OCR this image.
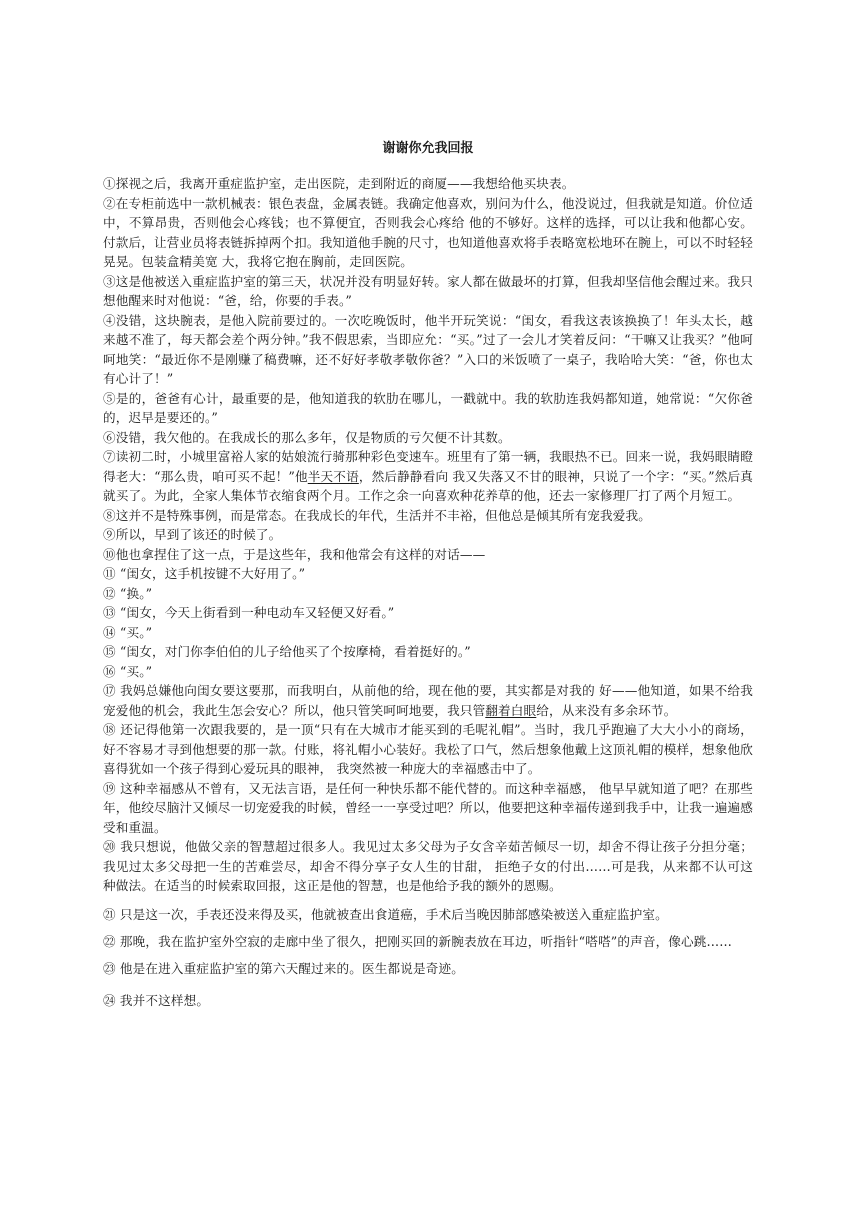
谢谢你允我回报

①探视之后，我离开重症监护室，走出医院，走到附近的商厦——我想给他买块表。

②在专柜前选中一款机械表：银色表盘，金属表链。我确定他喜欢，别问为什么，他没说过，但我就是知道。价位适中，不算昂贵，否则他会心疼钱；也不算便宜，否则我会心疼给 他的不够好。这样的选择，可以让我和他都心安。付款后，让营业员将表链拆掉两个扣。我知道他手腕的尺寸，也知道他喜欢将手表略宽松地环在腕上，可以不时轻轻晃晃。包装盒精美宽 大，我将它抱在胸前，走回医院。

③这是他被送入重症监护室的第三天，状况并没有明显好转。家人都在做最坏的打算，但我却坚信他会醒过来。我只想他醒来时对他说：“爸，给，你要的手表。”

④没错，这块腕表，是他入院前要过的。一次吃晚饭时，他半开玩笑说：“闺女，看我这表该换换了！年头太长，越来越不准了，每天都会差个两分钟。”我不假思索，当即应允：“买。”过了一会儿才笑着反问：“干嘛又让我买？”他呵呵地笑：“最近你不是刚赚了稿费嘛，还不好好孝敬孝敬你爸？”入口的米饭喷了一桌子，我哈哈大笑：“爸，你也太有心计了！”

⑤是的，爸爸有心计，最重要的是，他知道我的软肋在哪儿，一戳就中。我的软肋连我妈都知道，她常说：“欠你爸的，迟早是要还的。”

⑥没错，我欠他的。在我成长的那么多年，仅是物质的亏欠便不计其数。

⑦读初二时，小城里富裕人家的姑娘流行骑那种彩色变速车。班里有了第一辆，我眼热不已。回来一说，我妈眼睛瞪得老大：“那么贵，咱可买不起！”他半天不语，然后静静看向 我又失落又不甘的眼神，只说了一个字：“买。”然后真就买了。为此，全家人集体节衣缩食两个月。工作之余一向喜欢种花养草的他，还去一家修理厂打了两个月短工。

⑧这并不是特殊事例，而是常态。在我成长的年代，生活并不丰裕，但他总是倾其所有宠我爱我。

⑨所以，早到了该还的时候了。

⑩他也拿捏住了这一点，于是这些年，我和他常会有这样的对话——

⑪ “闺女，这手机按键不大好用了。”

⑫ “换。”

⑬ “闺女，今天上街看到一种电动车又轻便又好看。”

⑭ “买。”

⑮ “闺女，对门你李伯伯的儿子给他买了个按摩椅，看着挺好的。”

⑯ “买。”

⑰ 我妈总嫌他向闺女要这要那，而我明白，从前他的给，现在他的要，其实都是对我的 好——他知道，如果不给我宠爱他的机会，我此生怎会安心？所以，他只管笑呵呵地要，我只管翻着白眼给，从来没有多余环节。

⑱ 还记得他第一次跟我要的，是一顶“只有在大城市才能买到的毛呢礼帽”。当时，我几乎跑遍了大大小小的商场，好不容易才寻到他想要的那一款。付账，将礼帽小心装好。我松了口气，然后想象他戴上这顶礼帽的模样，想象他欣喜得犹如一个孩子得到心爱玩具的眼神， 我突然被一种庞大的幸福感击中了。

⑲ 这种幸福感从不曾有，又无法言语，是任何一种快乐都不能代替的。而这种幸福感， 他早早就知道了吧？在那些年，他绞尽脑汁又倾尽一切宠爱我的时候，曾经一一享受过吧？所以，他要把这种幸福传递到我手中，让我一遍遍感受和重温。

⑳ 我只想说，他做父亲的智慧超过很多人。我见过太多父母为子女含辛茹苦倾尽一切，却舍不得让孩子分担分毫；我见过太多父母把一生的苦难尝尽，却舍不得分享子女人生的甘甜， 拒绝子女的付出……可是我，从来都不认可这种做法。在适当的时候索取回报，这正是他的智慧，也是他给予我的额外的恩赐。

㉑ 只是这一次，手表还没来得及买，他就被查出食道癌，手术后当晚因肺部感染被送入重症监护室。

㉒ 那晚，我在监护室外空寂的走廊中坐了很久，把刚买回的新腕表放在耳边，听指针“嗒嗒”的声音，像心跳……

㉓ 他是在进入重症监护室的第六天醒过来的。医生都说是奇迹。

㉔ 我并不这样想。
